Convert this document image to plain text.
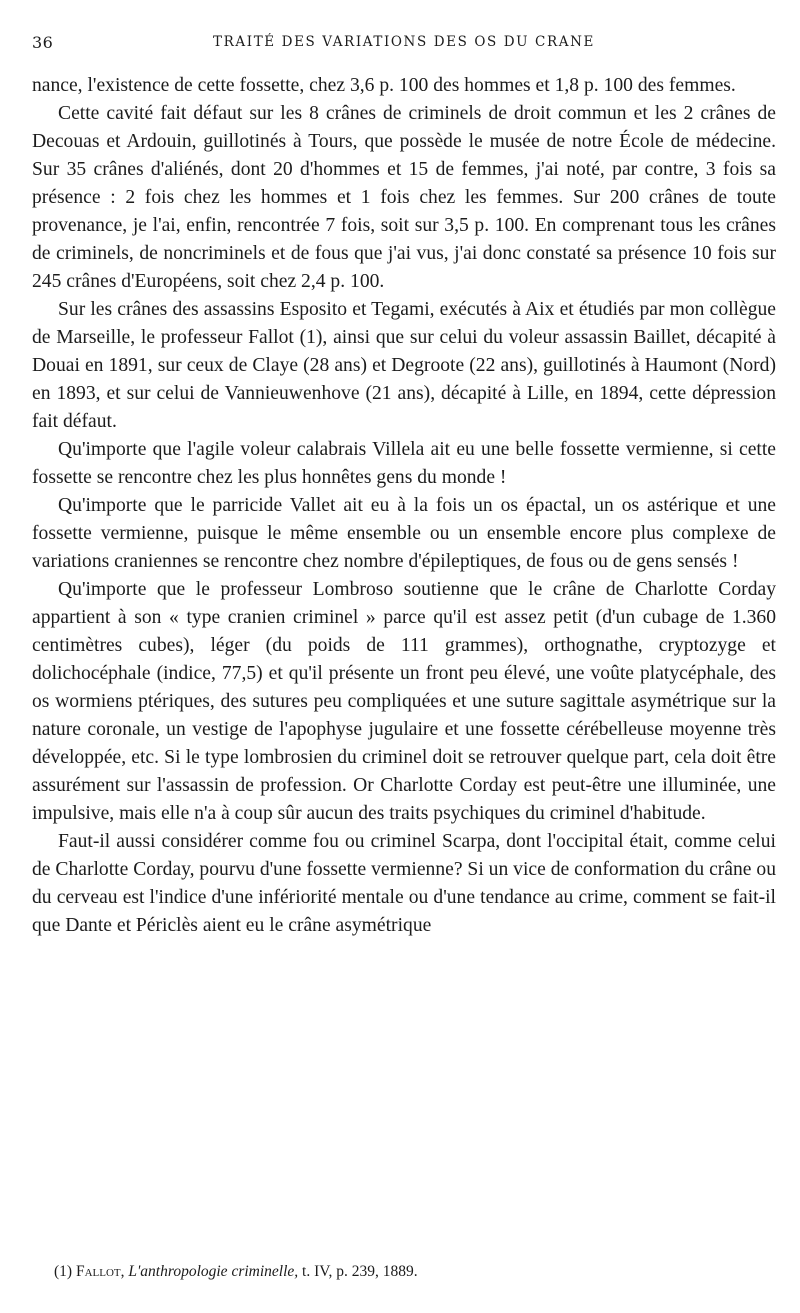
36	TRAITÉ DES VARIATIONS DES OS DU CRANE

nance, l'existence de cette fossette, chez 3,6 p. 100 des hommes et 1,8 p. 100 des femmes.

Cette cavité fait défaut sur les 8 crânes de criminels de droit commun et les 2 crânes de Decouas et Ardouin, guillotinés à Tours, que possède le musée de notre École de médecine. Sur 35 crânes d'aliénés, dont 20 d'hommes et 15 de femmes, j'ai noté, par contre, 3 fois sa présence : 2 fois chez les hommes et 1 fois chez les femmes. Sur 200 crânes de toute provenance, je l'ai, enfin, rencontrée 7 fois, soit sur 3,5 p. 100. En comprenant tous les crânes de criminels, de noncriminels et de fous que j'ai vus, j'ai donc constaté sa présence 10 fois sur 245 crânes d'Européens, soit chez 2,4 p. 100.

Sur les crânes des assassins Esposito et Tegami, exécutés à Aix et étudiés par mon collègue de Marseille, le professeur Fallot (1), ainsi que sur celui du voleur assassin Baillet, décapité à Douai en 1891, sur ceux de Claye (28 ans) et Degroote (22 ans), guillotinés à Haumont (Nord) en 1893, et sur celui de Vannieuwenhove (21 ans), décapité à Lille, en 1894, cette dépression fait défaut.

Qu'importe que l'agile voleur calabrais Villela ait eu une belle fossette vermienne, si cette fossette se rencontre chez les plus honnêtes gens du monde !

Qu'importe que le parricide Vallet ait eu à la fois un os épactal, un os astérique et une fossette vermienne, puisque le même ensemble ou un ensemble encore plus complexe de variations craniennes se rencontre chez nombre d'épileptiques, de fous ou de gens sensés !

Qu'importe que le professeur Lombroso soutienne que le crâne de Charlotte Corday appartient à son « type cranien criminel » parce qu'il est assez petit (d'un cubage de 1.360 centimètres cubes), léger (du poids de 111 grammes), orthognathe, cryptozyge et dolichocéphale (indice, 77,5) et qu'il présente un front peu élevé, une voûte platycéphale, des os wormiens ptériques, des sutures peu compliquées et une suture sagittale asymétrique sur la nature coronale, un vestige de l'apophyse jugulaire et une fossette cérébelleuse moyenne très développée, etc. Si le type lombrosien du criminel doit se retrouver quelque part, cela doit être assurément sur l'assassin de profession. Or Charlotte Corday est peut-être une illuminée, une impulsive, mais elle n'a à coup sûr aucun des traits psychiques du criminel d'habitude.

Faut-il aussi considérer comme fou ou criminel Scarpa, dont l'occipital était, comme celui de Charlotte Corday, pourvu d'une fossette vermienne? Si un vice de conformation du crâne ou du cerveau est l'indice d'une infériorité mentale ou d'une tendance au crime, comment se fait-il que Dante et Périclès aient eu le crâne asymétrique

(1) Fallot, L'anthropologie criminelle, t. IV, p. 239, 1889.
